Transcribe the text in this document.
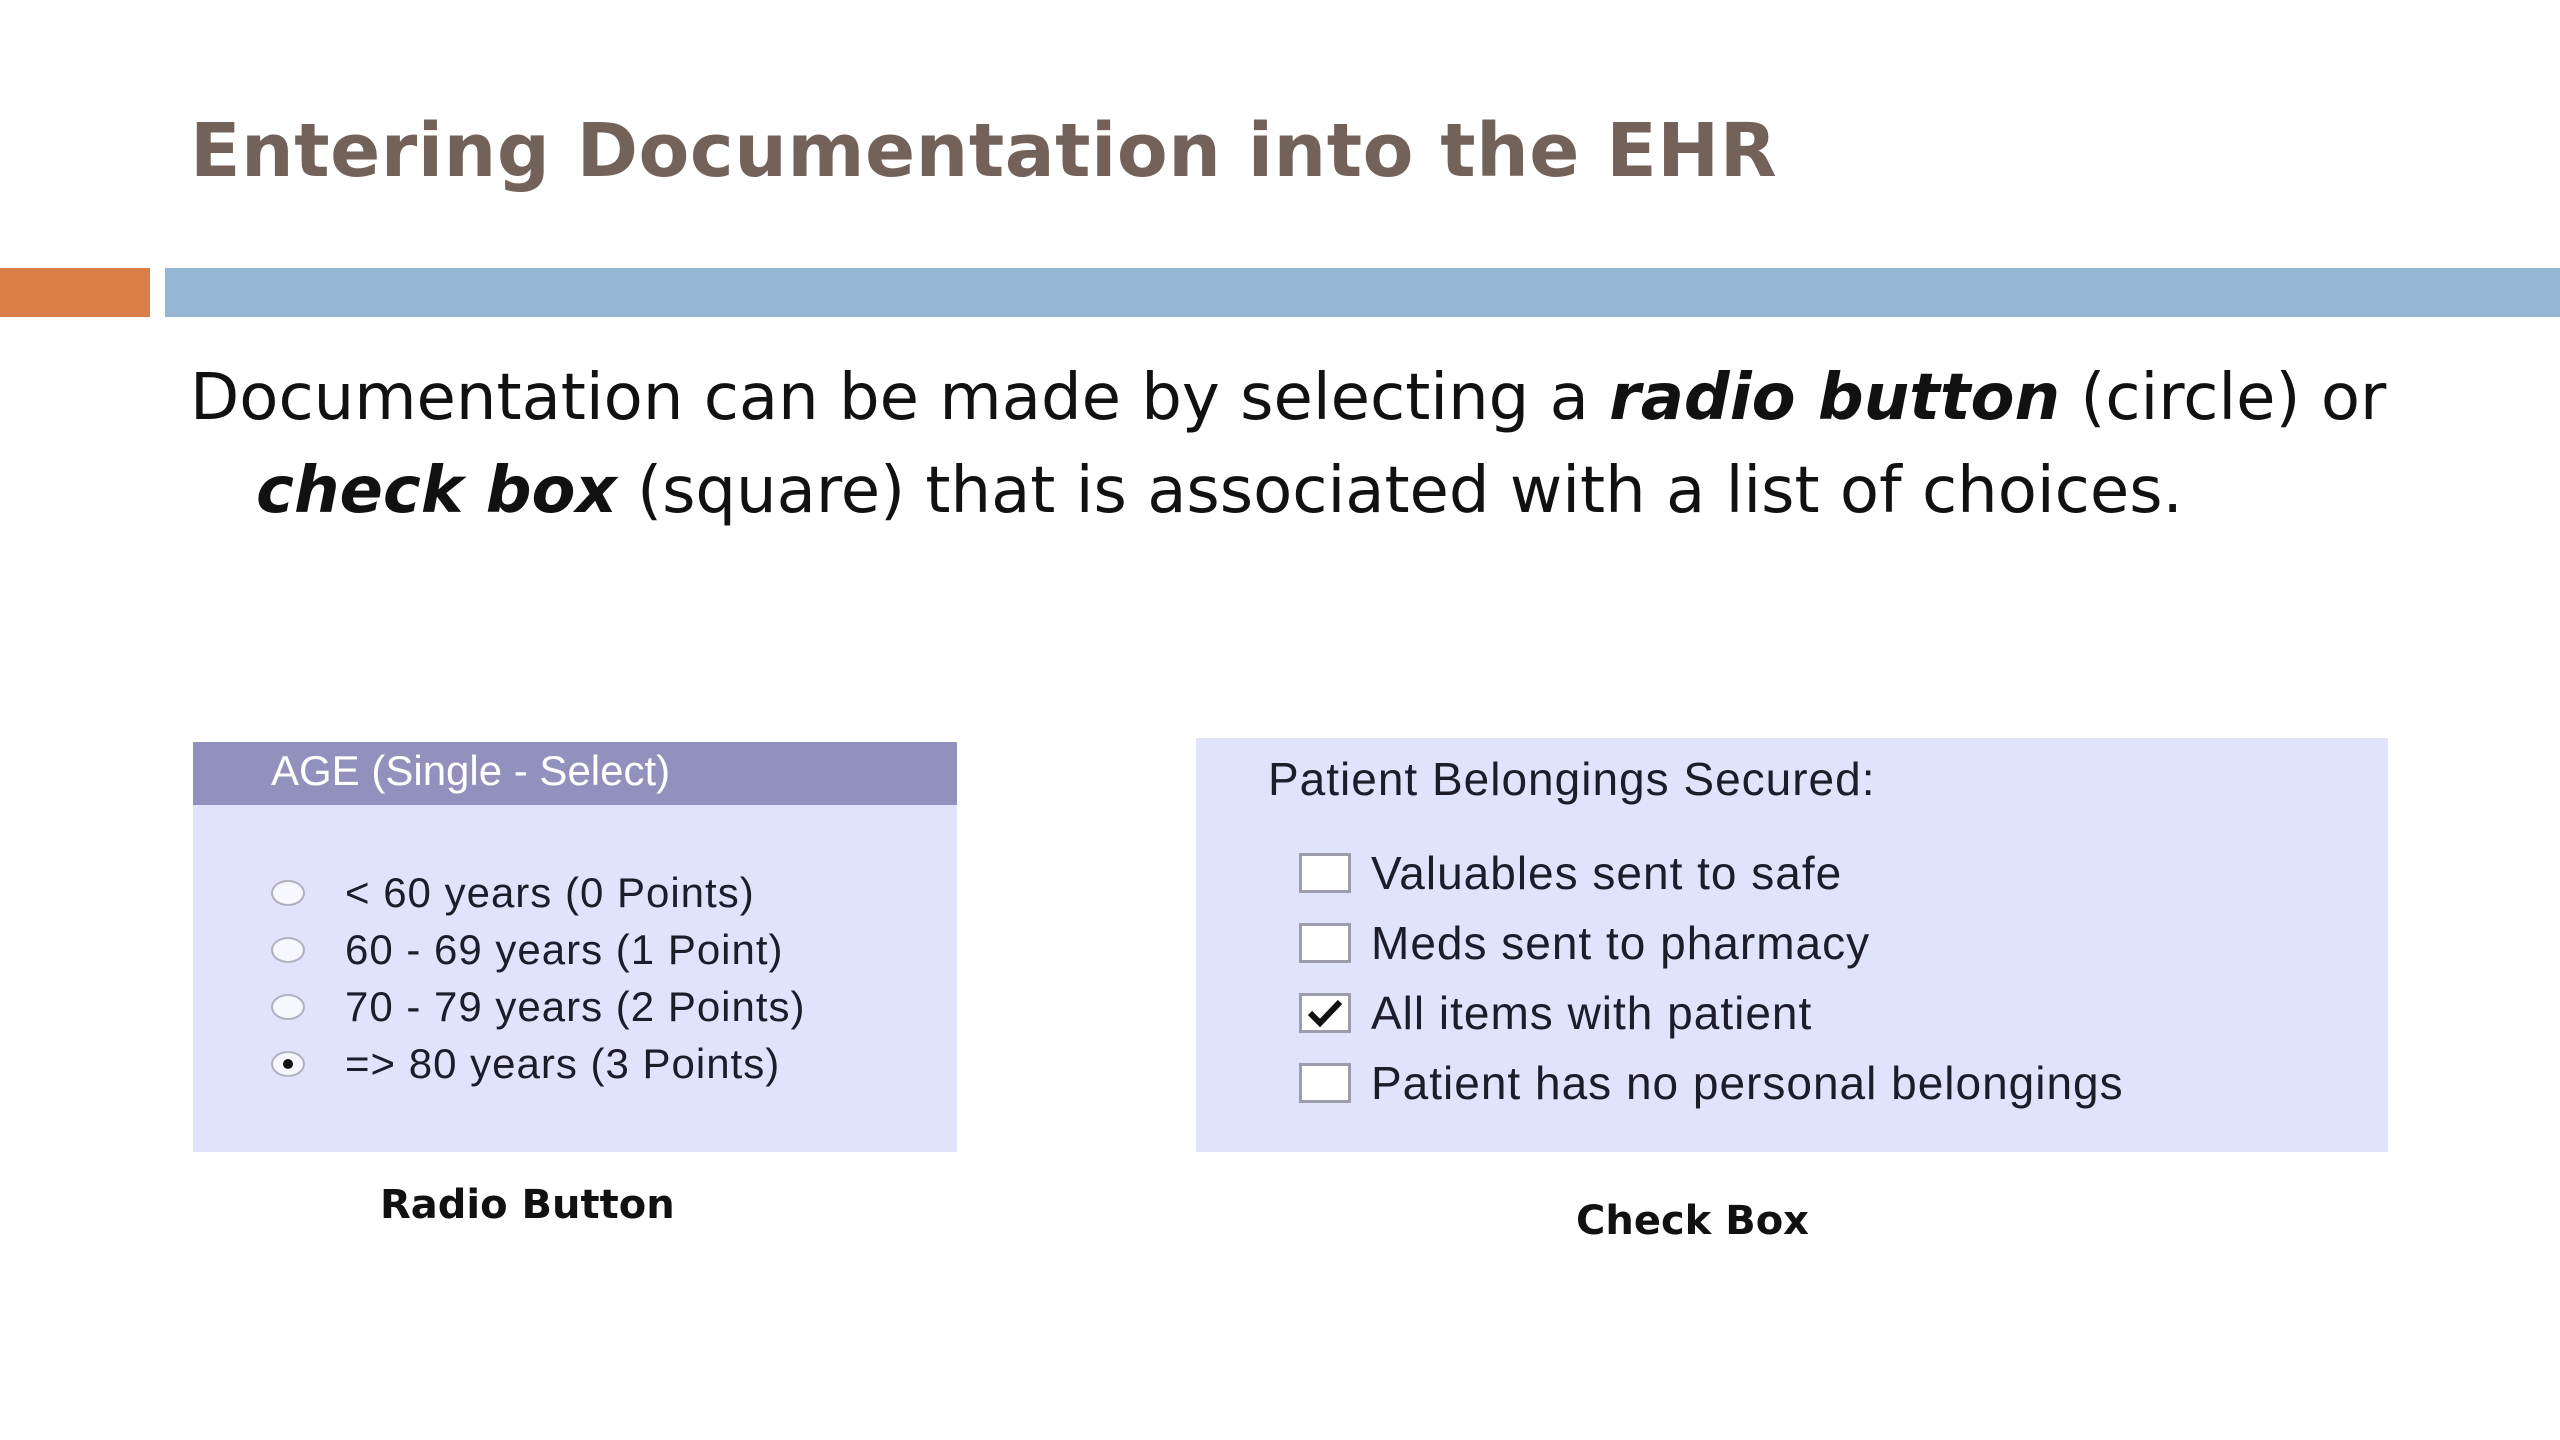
Entering Documentation into the EHR
Documentation can be made by selecting a radio button (circle) or check box (square) that is associated with a list of choices.
AGE (Single - Select)
< 60 years (0 Points)
60 - 69 years (1 Point)
70 - 79 years (2 Points)
=> 80 years (3 Points)
Patient Belongings Secured:
Valuables sent to safe
Meds sent to pharmacy
All items with patient
Patient has no personal belongings
Radio Button	Check Box
